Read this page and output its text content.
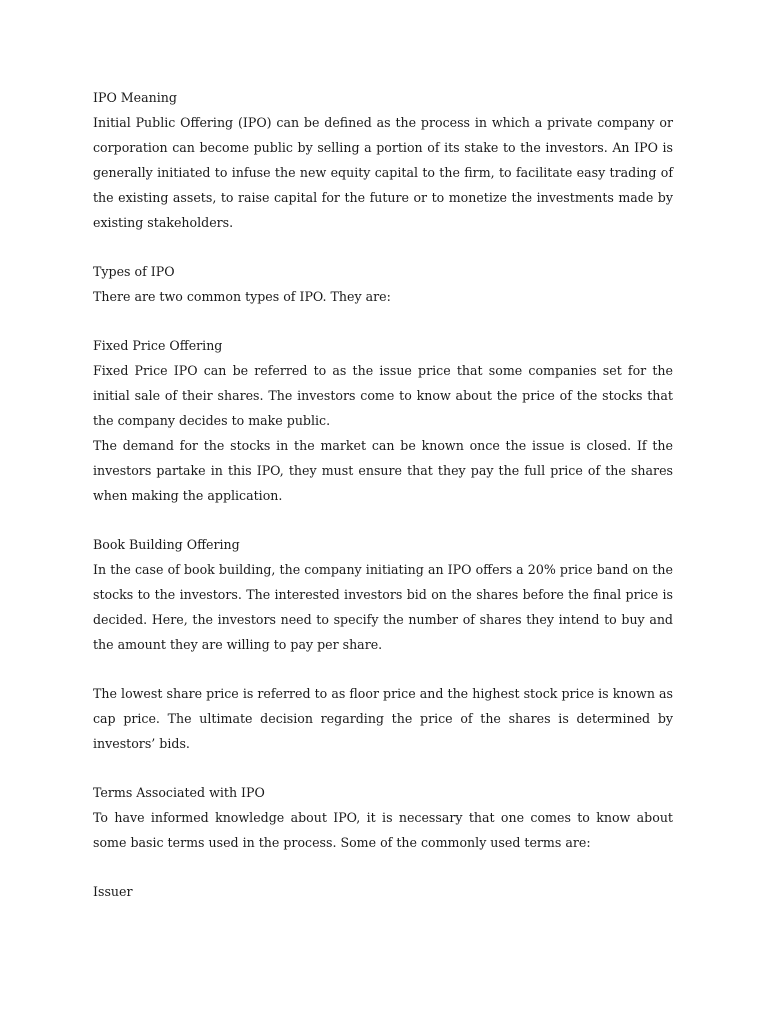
IPO Meaning

Initial Public Offering (IPO) can be defined as the process in which a private company or corporation can become public by selling a portion of its stake to the investors. An IPO is generally initiated to infuse the new equity capital to the firm, to facilitate easy trading of the existing assets, to raise capital for the future or to monetize the investments made by existing stakeholders.

Types of IPO

There are two common types of IPO. They are:

Fixed Price Offering

Fixed Price IPO can be referred to as the issue price that some companies set for the initial sale of their shares. The investors come to know about the price of the stocks that the company decides to make public.

The demand for the stocks in the market can be known once the issue is closed. If the investors partake in this IPO, they must ensure that they pay the full price of the shares when making the application.

Book Building Offering

In the case of book building, the company initiating an IPO offers a 20% price band on the stocks to the investors. The interested investors bid on the shares before the final price is decided. Here, the investors need to specify the number of shares they intend to buy and the amount they are willing to pay per share.

The lowest share price is referred to as floor price and the highest stock price is known as cap price. The ultimate decision regarding the price of the shares is determined by investors’ bids.

Terms Associated with IPO

To have informed knowledge about IPO, it is necessary that one comes to know about some basic terms used in the process. Some of the commonly used terms are:

Issuer
